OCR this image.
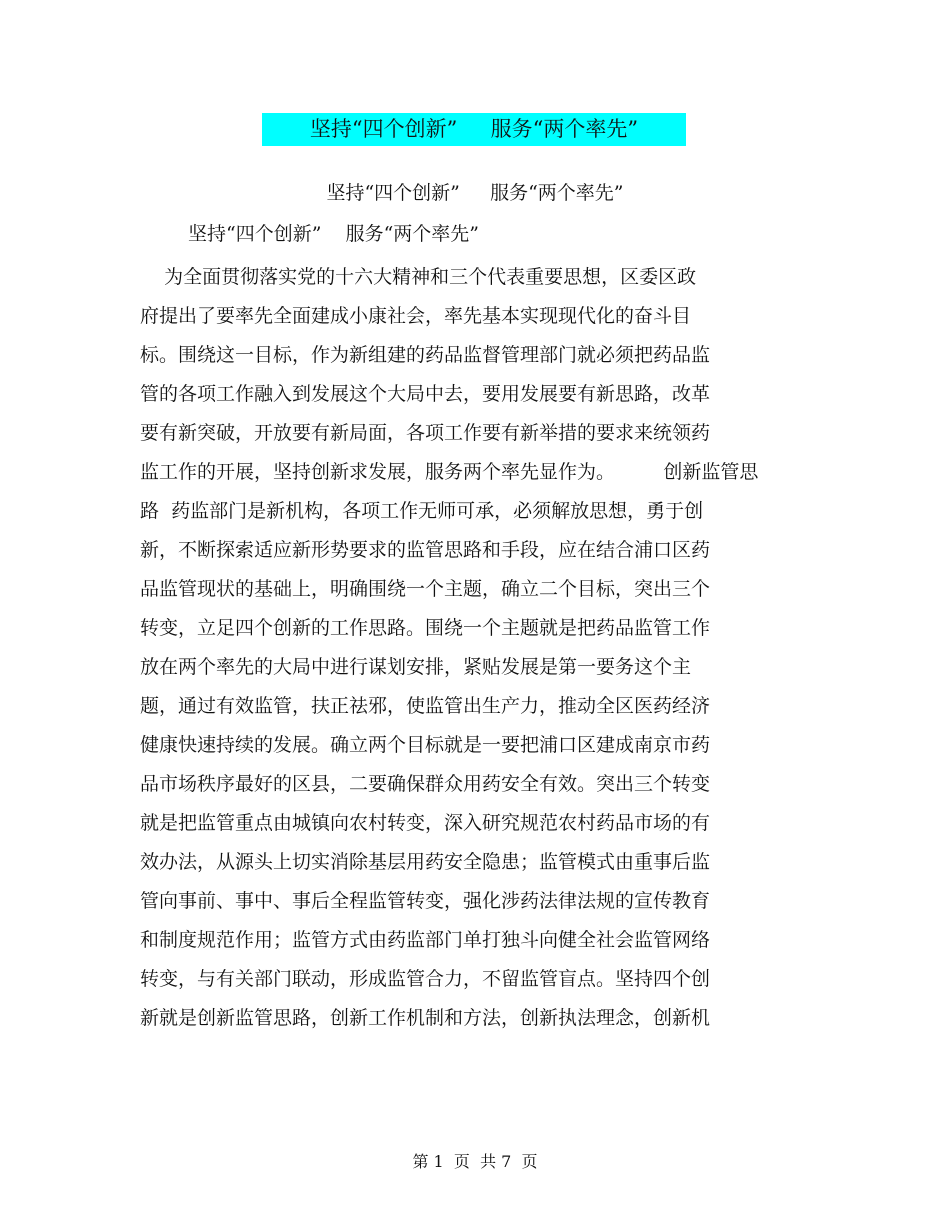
坚持“四个创新”     服务“两个率先”
坚持“四个创新”     服务“两个率先”
坚持“四个创新”    服务“两个率先”
为全面贯彻落实党的十六大精神和三个代表重要思想，区委区政
府提出了要率先全面建成小康社会，率先基本实现现代化的奋斗目
标。围绕这一目标，作为新组建的药品监督管理部门就必须把药品监
管的各项工作融入到发展这个大局中去，要用发展要有新思路，改革
要有新突破，开放要有新局面，各项工作要有新举措的要求来统领药
监工作的开展，坚持创新求发展，服务两个率先显作为。        创新监管思
路  药监部门是新机构，各项工作无师可承，必须解放思想，勇于创
新，不断探索适应新形势要求的监管思路和手段，应在结合浦口区药
品监管现状的基础上，明确围绕一个主题，确立二个目标，突出三个
转变，立足四个创新的工作思路。围绕一个主题就是把药品监管工作
放在两个率先的大局中进行谋划安排，紧贴发展是第一要务这个主
题，通过有效监管，扶正祛邪，使监管出生产力，推动全区医药经济
健康快速持续的发展。确立两个目标就是一要把浦口区建成南京市药
品市场秩序最好的区县，二要确保群众用药安全有效。突出三个转变
就是把监管重点由城镇向农村转变，深入研究规范农村药品市场的有
效办法，从源头上切实消除基层用药安全隐患；监管模式由重事后监
管向事前、事中、事后全程监管转变，强化涉药法律法规的宣传教育
和制度规范作用；监管方式由药监部门单打独斗向健全社会监管网络
转变，与有关部门联动，形成监管合力，不留监管盲点。坚持四个创
新就是创新监管思路，创新工作机制和方法，创新执法理念，创新机
第 1  页  共 7  页
